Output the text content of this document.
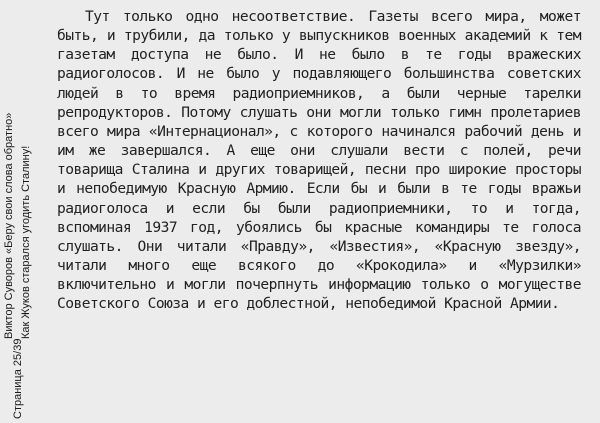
Страница 25/39
Виктор Суворов «Беру свои слова обратно» Как Жуков старался угодить Сталину!

Тут только одно несоответствие. Газеты всего мира, может быть, и трубили, да только у выпускников военных академий к тем газетам доступа не было. И не было в те годы вражеских радиоголосов. И не было у подавляющего большинства советских людей в то время радиоприемников, а были черные тарелки репродукторов. Потому слушать они могли только гимн пролетариев всего мира «Интернационал», с которого начинался рабочий день и им же завершался. А еще они слушали вести с полей, речи товарища Сталина и других товарищей, песни про широкие просторы и непобедимую Красную Армию. Если бы и были в те годы вражьи радиоголоса и если бы были радиоприемники, то и тогда, вспоминая 1937 год, убоялись бы красные командиры те голоса слушать. Они читали «Правду», «Известия», «Красную звезду», читали много еще всякого до «Крокодила» и «Мурзилки» включительно и могли почерпнуть информацию только о могуществе Советского Союза и его доблестной, непобедимой Красной Армии.
